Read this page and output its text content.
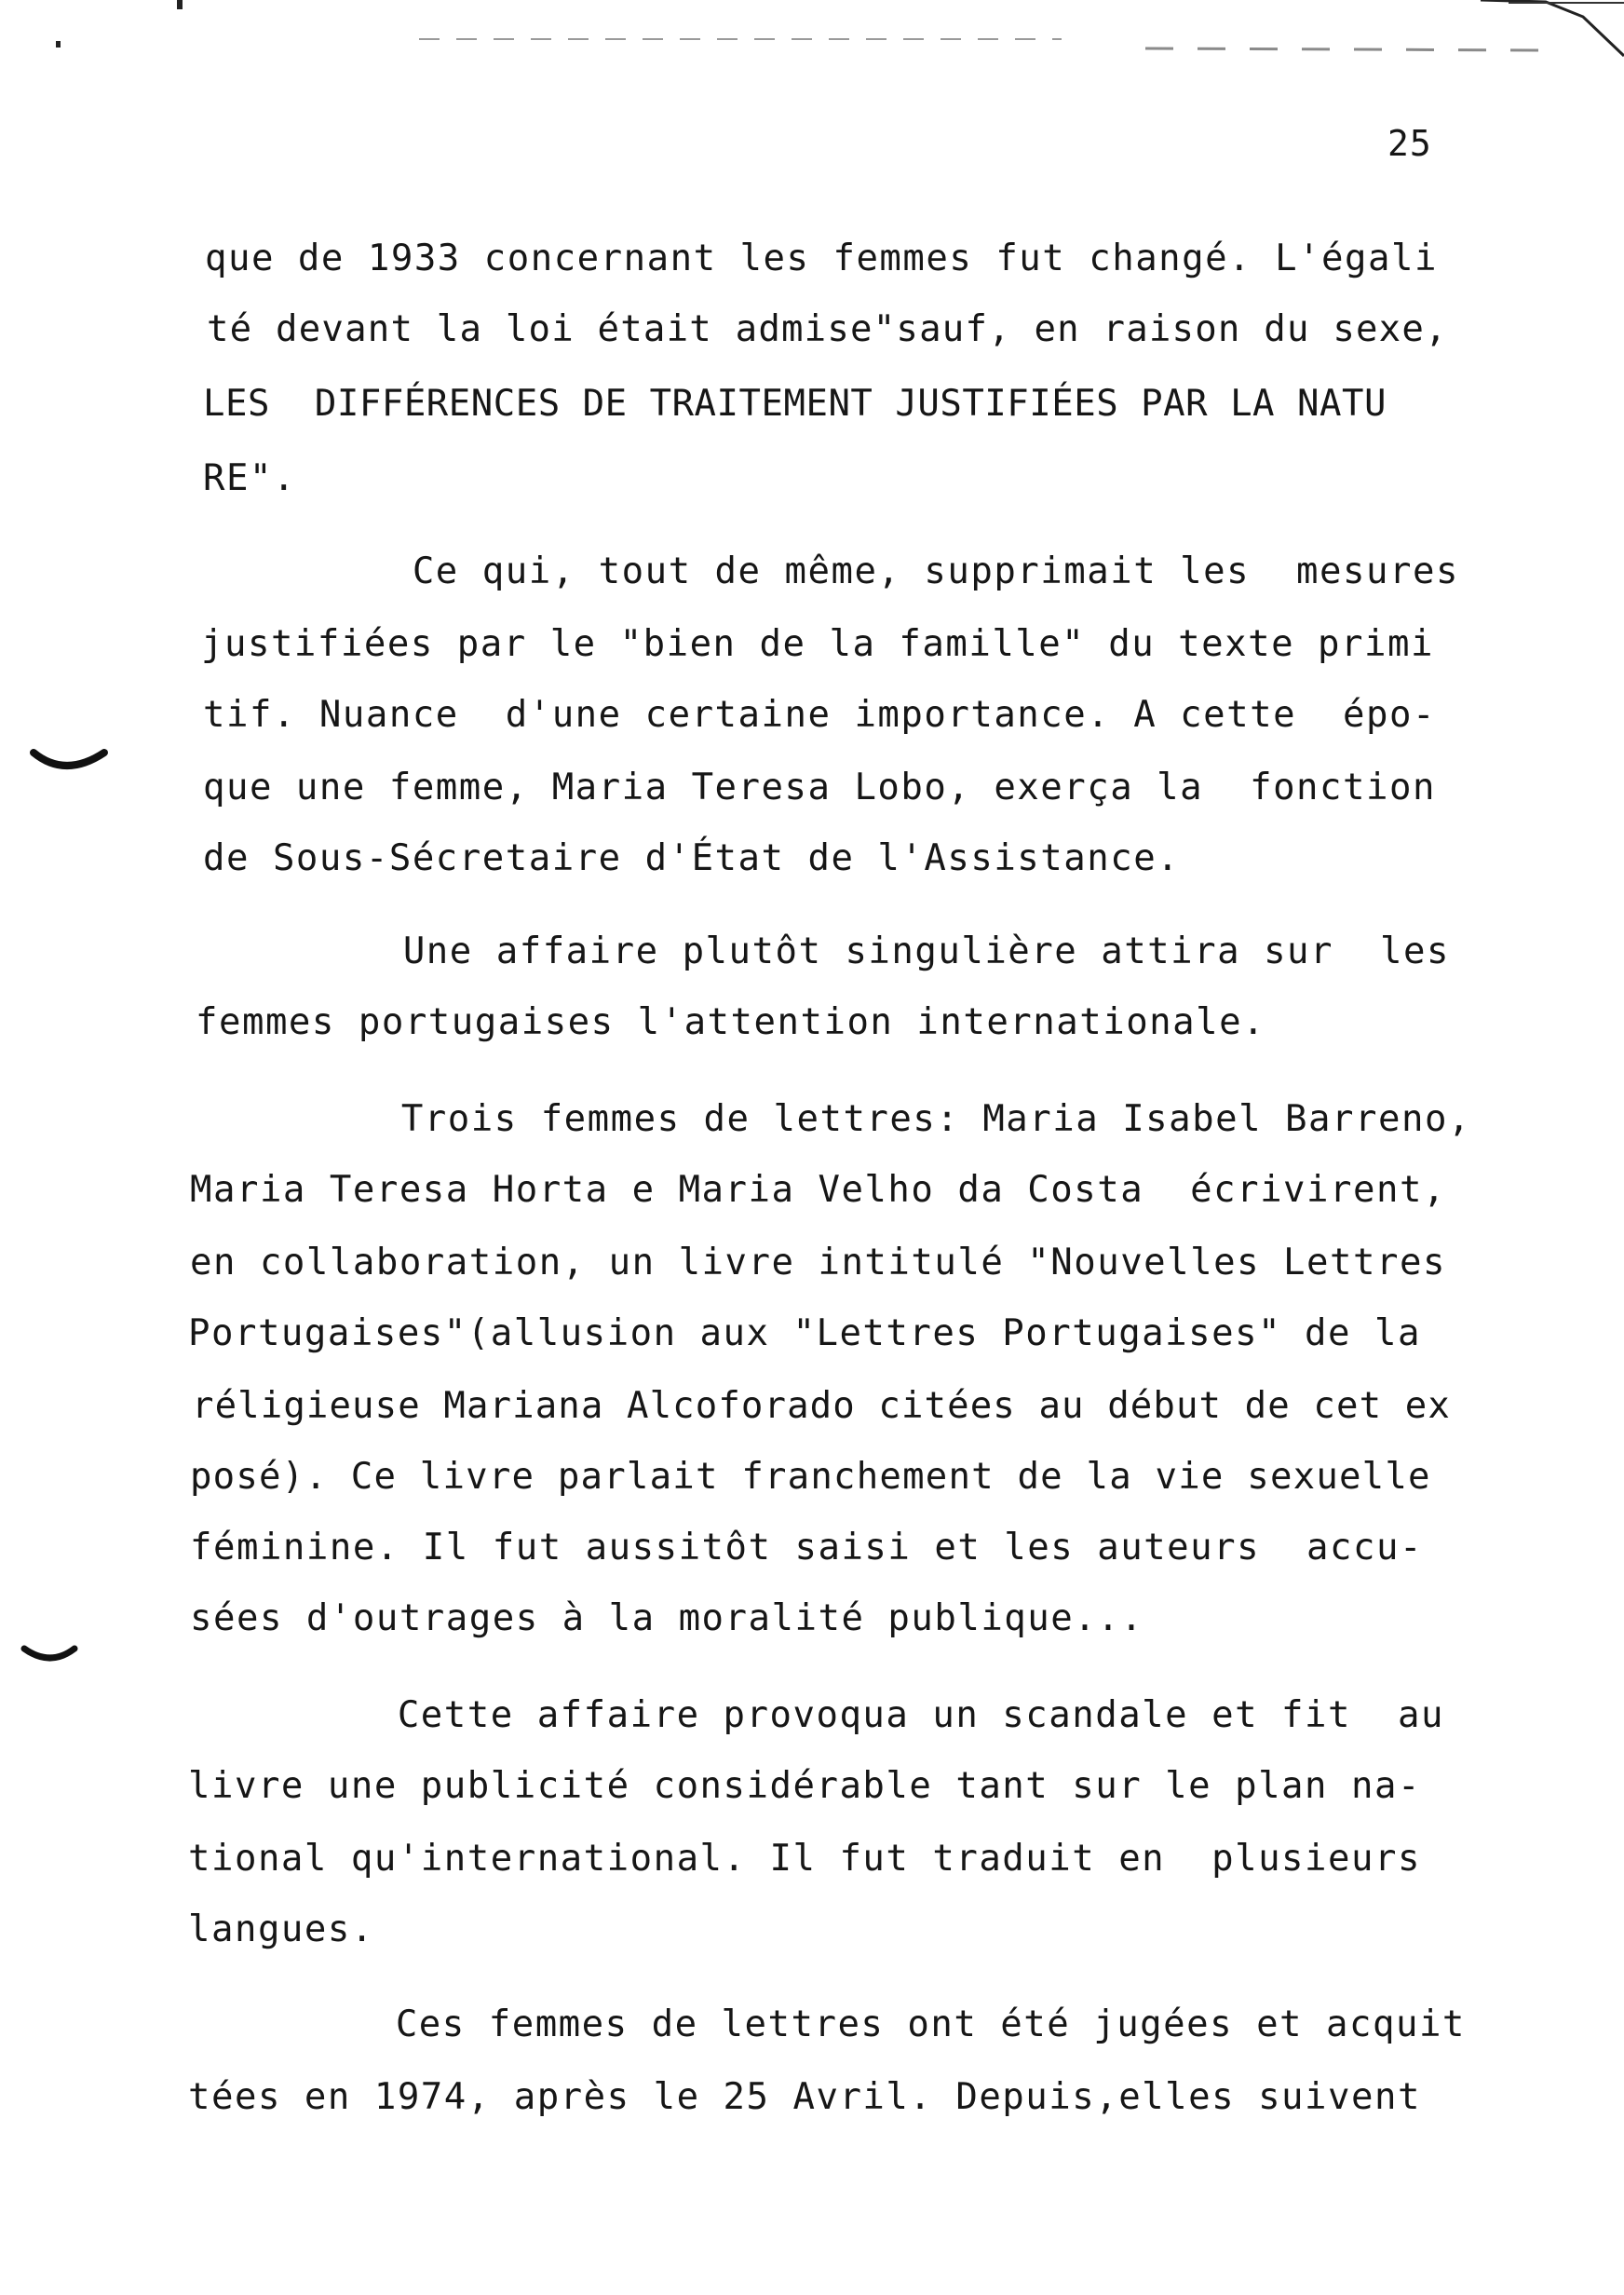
25
que de 1933 concernant les femmes fut changé. L'égali
té devant la loi était admise"sauf, en raison du sexe,
LES  DIFFÉRENCES DE TRAITEMENT JUSTIFIÉES PAR LA NATU
RE".
Ce qui, tout de même, supprimait les  mesures
justifiées par le "bien de la famille" du texte primi
tif. Nuance  d'une certaine importance. A cette  épo-
que une femme, Maria Teresa Lobo, exerça la  fonction
de Sous-Sécretaire d'État de l'Assistance.
Une affaire plutôt singulière attira sur  les
femmes portugaises l'attention internationale.
Trois femmes de lettres: Maria Isabel Barreno,
Maria Teresa Horta e Maria Velho da Costa  écrivirent,
en collaboration, un livre intitulé "Nouvelles Lettres
Portugaises"(allusion aux "Lettres Portugaises" de la
réligieuse Mariana Alcoforado citées au début de cet ex
posé). Ce livre parlait franchement de la vie sexuelle
féminine. Il fut aussitôt saisi et les auteurs  accu-
sées d'outrages à la moralité publique...
Cette affaire provoqua un scandale et fit  au
livre une publicité considérable tant sur le plan na-
tional qu'international. Il fut traduit en  plusieurs
langues.
Ces femmes de lettres ont été jugées et acquit
tées en 1974, après le 25 Avril. Depuis,elles suivent
